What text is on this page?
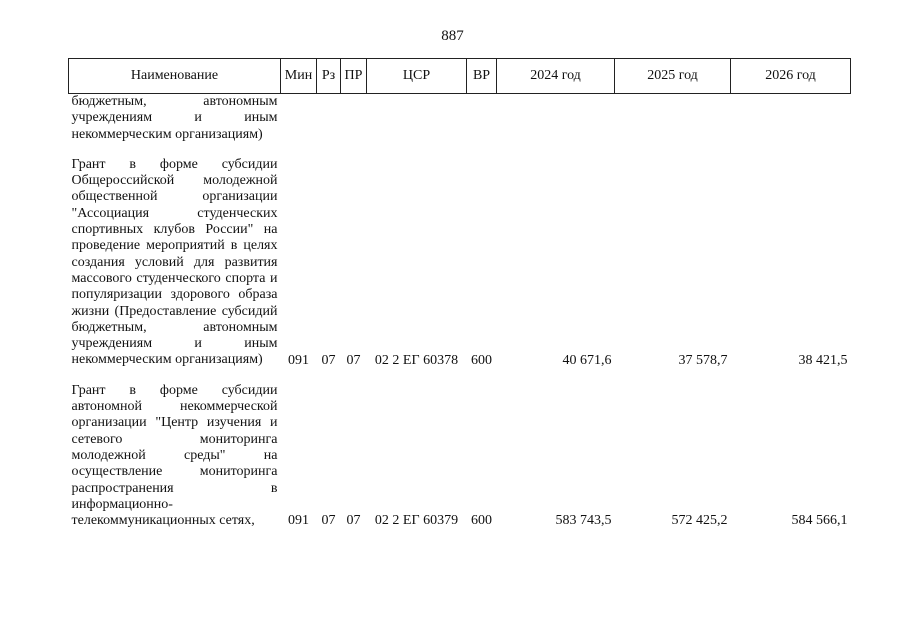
887
Наименование	Мин	Рз	ПР	ЦСР	ВР	2024 год	2025 год	2026 год

бюджетным, автономным учреждениям и иным некоммерческим организациям)								

Грант в форме субсидии Общероссийской молодежной общественной организации "Ассоциация студенческих спортивных клубов России" на проведение мероприятий в целях создания условий для развития массового студенческого спорта и популяризации здорового образа жизни (Предоставление субсидий бюджетным, автономным учреждениям и иным некоммерческим организациям)	091	07	07	02 2 ЕГ 60378	600	40 671,6	37 578,7	38 421,5

Грант в форме субсидии автономной некоммерческой организации "Центр изучения и сетевого мониторинга молодежной среды" на осуществление мониторинга распространения в информационно-телекоммуникационных сетях,	091	07	07	02 2 ЕГ 60379	600	583 743,5	572 425,2	584 566,1
